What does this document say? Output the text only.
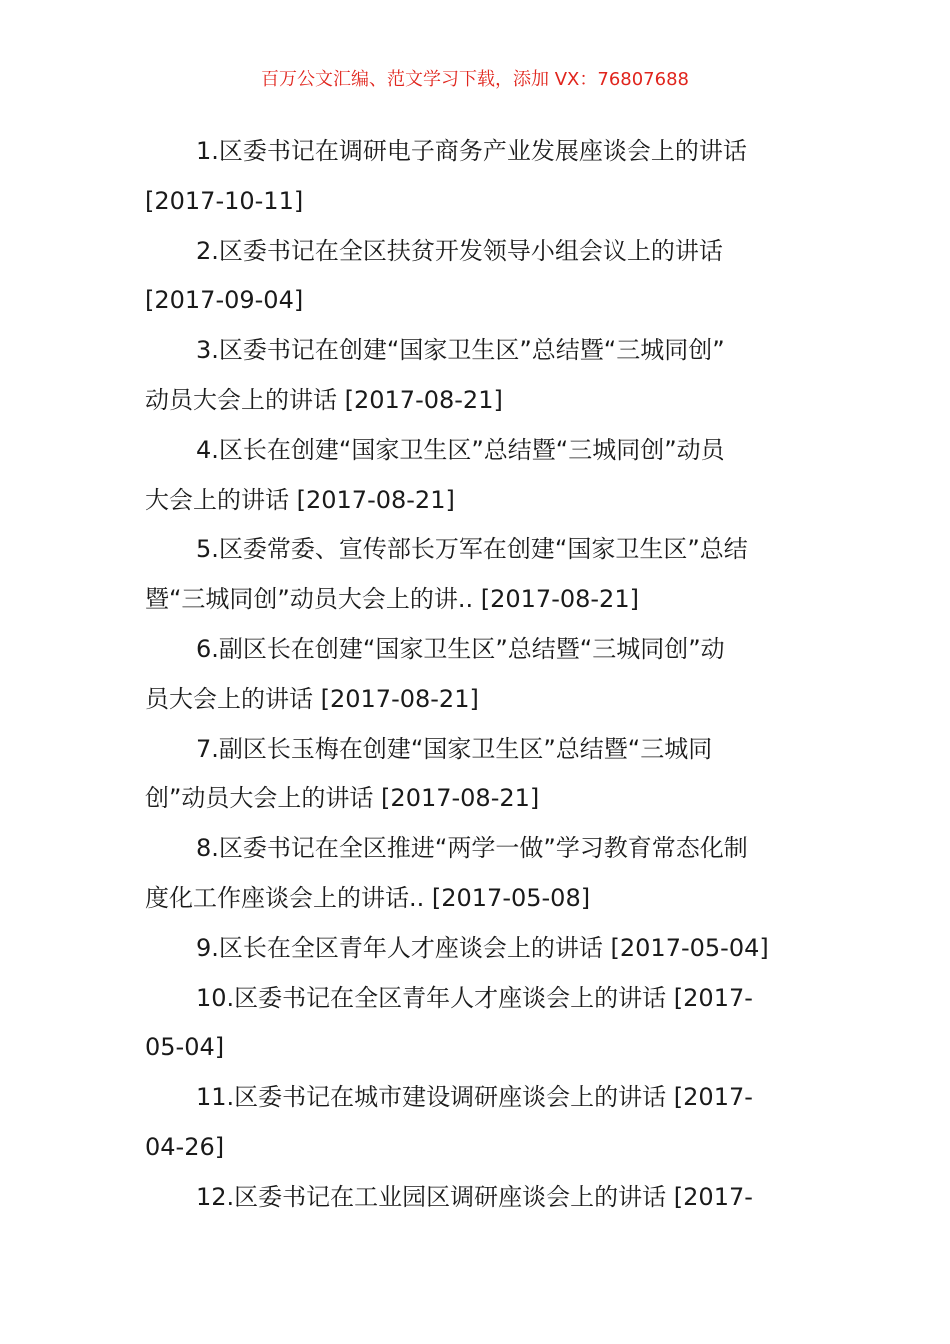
百万公文汇编、范文学习下载，添加 VX：76807688
1.区委书记在调研电子商务产业发展座谈会上的讲话
[2017-10-11]
2.区委书记在全区扶贫开发领导小组会议上的讲话
[2017-09-04]
3.区委书记在创建“国家卫生区”总结暨“三城同创”
动员大会上的讲话 [2017-08-21]
4.区长在创建“国家卫生区”总结暨“三城同创”动员
大会上的讲话 [2017-08-21]
5.区委常委、宣传部长万军在创建“国家卫生区”总结
暨“三城同创”动员大会上的讲.. [2017-08-21]
6.副区长在创建“国家卫生区”总结暨“三城同创”动
员大会上的讲话 [2017-08-21]
7.副区长玉梅在创建“国家卫生区”总结暨“三城同
创”动员大会上的讲话 [2017-08-21]
8.区委书记在全区推进“两学一做”学习教育常态化制
度化工作座谈会上的讲话.. [2017-05-08]
9.区长在全区青年人才座谈会上的讲话 [2017-05-04]
10.区委书记在全区青年人才座谈会上的讲话 [2017-
05-04]
11.区委书记在城市建设调研座谈会上的讲话 [2017-
04-26]
12.区委书记在工业园区调研座谈会上的讲话 [2017-
